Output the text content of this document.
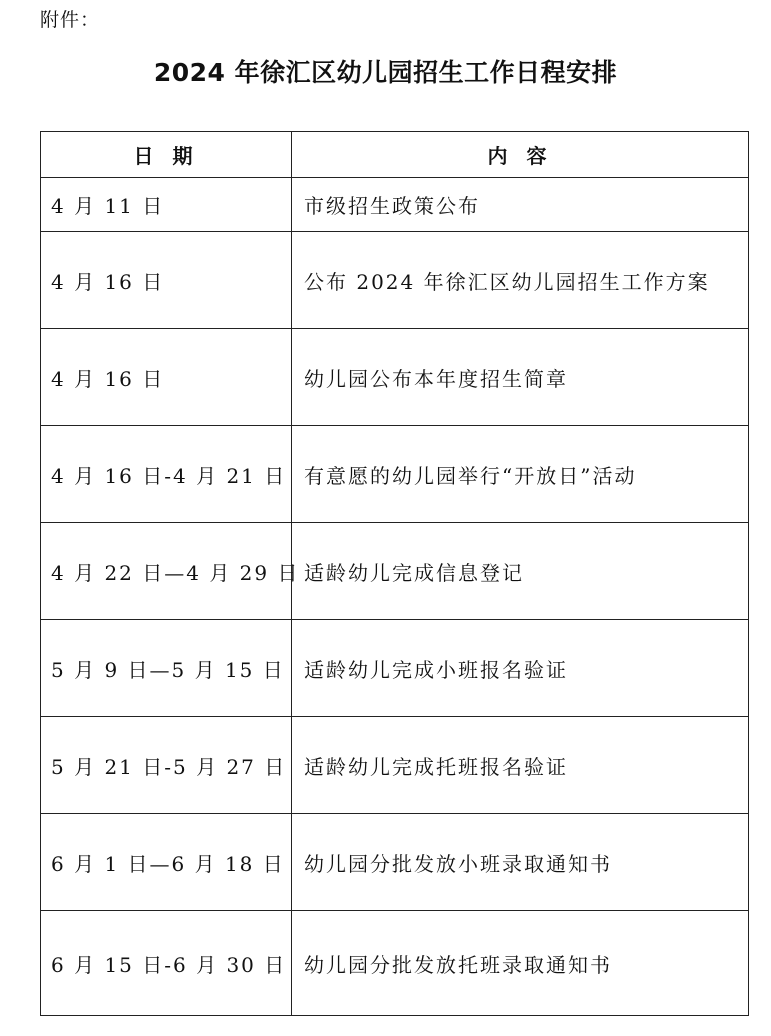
附件：
2024 年徐汇区幼儿园招生工作日程安排
日 期	内 容
4 月 11 日	市级招生政策公布
4 月 16 日	公布 2024 年徐汇区幼儿园招生工作方案
4 月 16 日	幼儿园公布本年度招生简章
4 月 16 日-4 月 21 日	有意愿的幼儿园举行“开放日”活动
4 月 22 日—4 月 29 日	适龄幼儿完成信息登记
5 月 9 日—5 月 15 日	适龄幼儿完成小班报名验证
5 月 21 日-5 月 27 日	适龄幼儿完成托班报名验证
6 月 1 日—6 月 18 日	幼儿园分批发放小班录取通知书
6 月 15 日-6 月 30 日	幼儿园分批发放托班录取通知书
